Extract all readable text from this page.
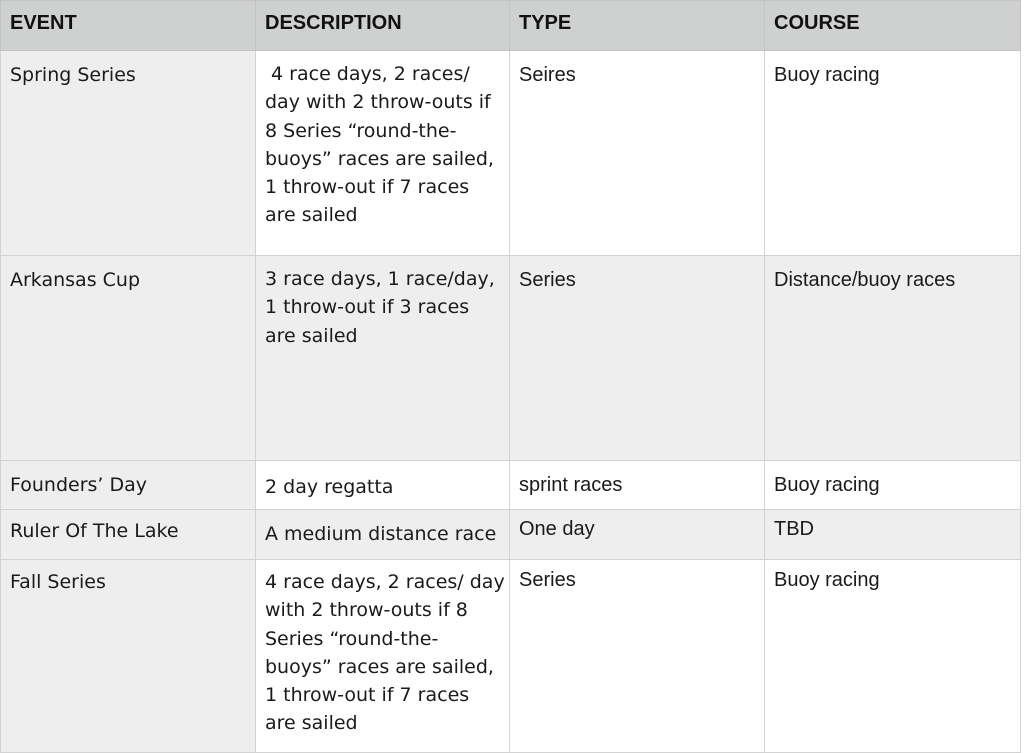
EVENT	DESCRIPTION	TYPE	COURSE
Spring Series	4 race days, 2 races/ day with 2 throw-outs if 8 Series “round-the-buoys” races are sailed, 1 throw-out if 7 races are sailed	Seires	Buoy racing
Arkansas Cup	3 race days, 1 race/day, 1 throw-out if 3 races are sailed	Series	Distance/buoy races
Founders’ Day	2 day regatta	sprint races	Buoy racing
Ruler Of The Lake	A medium distance race	One day	TBD
Fall Series	4 race days, 2 races/ day with 2 throw-outs if 8 Series “round-the-buoys” races are sailed, 1 throw-out if 7 races are sailed	Series	Buoy racing
